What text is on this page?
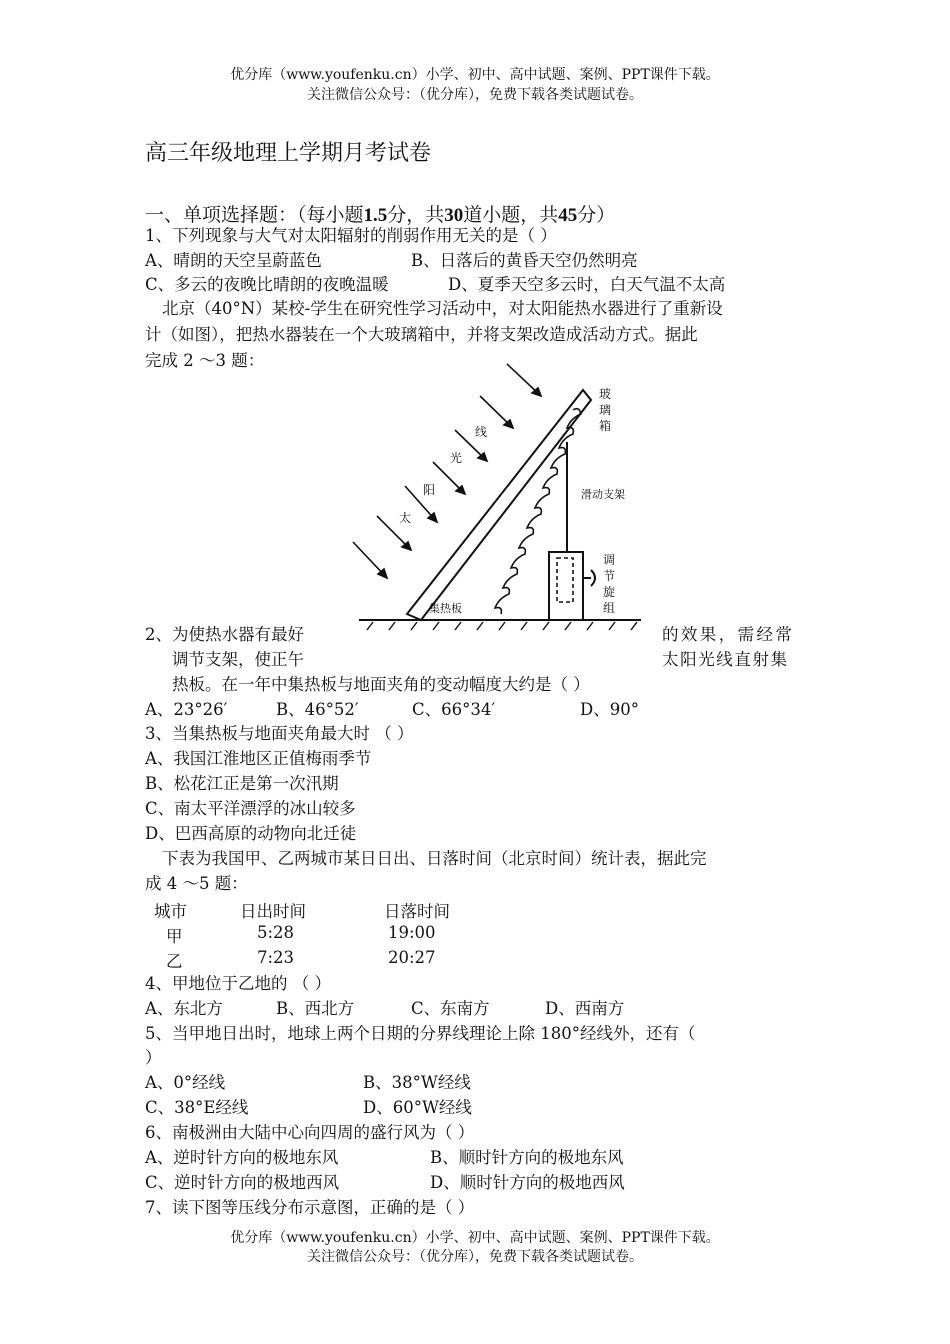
优分库（www.youfenku.cn）小学、初中、高中试题、案例、PPT课件下载。
关注微信公众号：（优分库），免费下载各类试题试卷。
高三年级地理上学期月考试卷
一、单项选择题：（每小题1.5分，共30道小题，共45分）
1、下列现象与大气对太阳辐射的削弱作用无关的是（ ）
A、晴朗的天空呈蔚蓝色	B、日落后的黄昏天空仍然明亮
C、多云的夜晚比晴朗的夜晚温暖	D、夏季天空多云时，白天气温不太高
北京（40°N）某校-学生在研究性学习活动中，对太阳能热水器进行了重新设
计（如图），把热水器装在一个大玻璃箱中，并将支架改造成活动方式。据此
完成 2 ～3 题：
太
阳
光
线
玻
璃
箱
滑动支架
调
节
旋
组
集热板
2、为使热水器有最好	的效果，需经常
调节支架，使正午	太阳光线直射集
热板。在一年中集热板与地面夹角的变动幅度大约是（ ）
A、23°26′	B、46°52′	C、66°34′	D、90°
3、当集热板与地面夹角最大时 （ ）
A、我国江淮地区正值梅雨季节
B、松花江正是第一次汛期
C、南太平洋漂浮的冰山较多
D、巴西高原的动物向北迁徒
下表为我国甲、乙两城市某日日出、日落时间（北京时间）统计表，据此完
成 4 ～5 题：
城市	日出时间	日落时间
甲	5:28	19:00
乙	7:23	20:27
4、甲地位于乙地的 （ ）
A、东北方	B、西北方	C、东南方	D、西南方
5、当甲地日出时，地球上两个日期的分界线理论上除 180°经线外，还有（
）
A、0°经线	B、38°W经线
C、38°E经线	D、60°W经线
6、南极洲由大陆中心向四周的盛行风为（ ）
A、逆时针方向的极地东风	B、顺时针方向的极地东风
C、逆时针方向的极地西风	D、顺时针方向的极地西风
7、读下图等压线分布示意图，正确的是（ ）
优分库（www.youfenku.cn）小学、初中、高中试题、案例、PPT课件下载。
关注微信公众号：（优分库），免费下载各类试题试卷。
